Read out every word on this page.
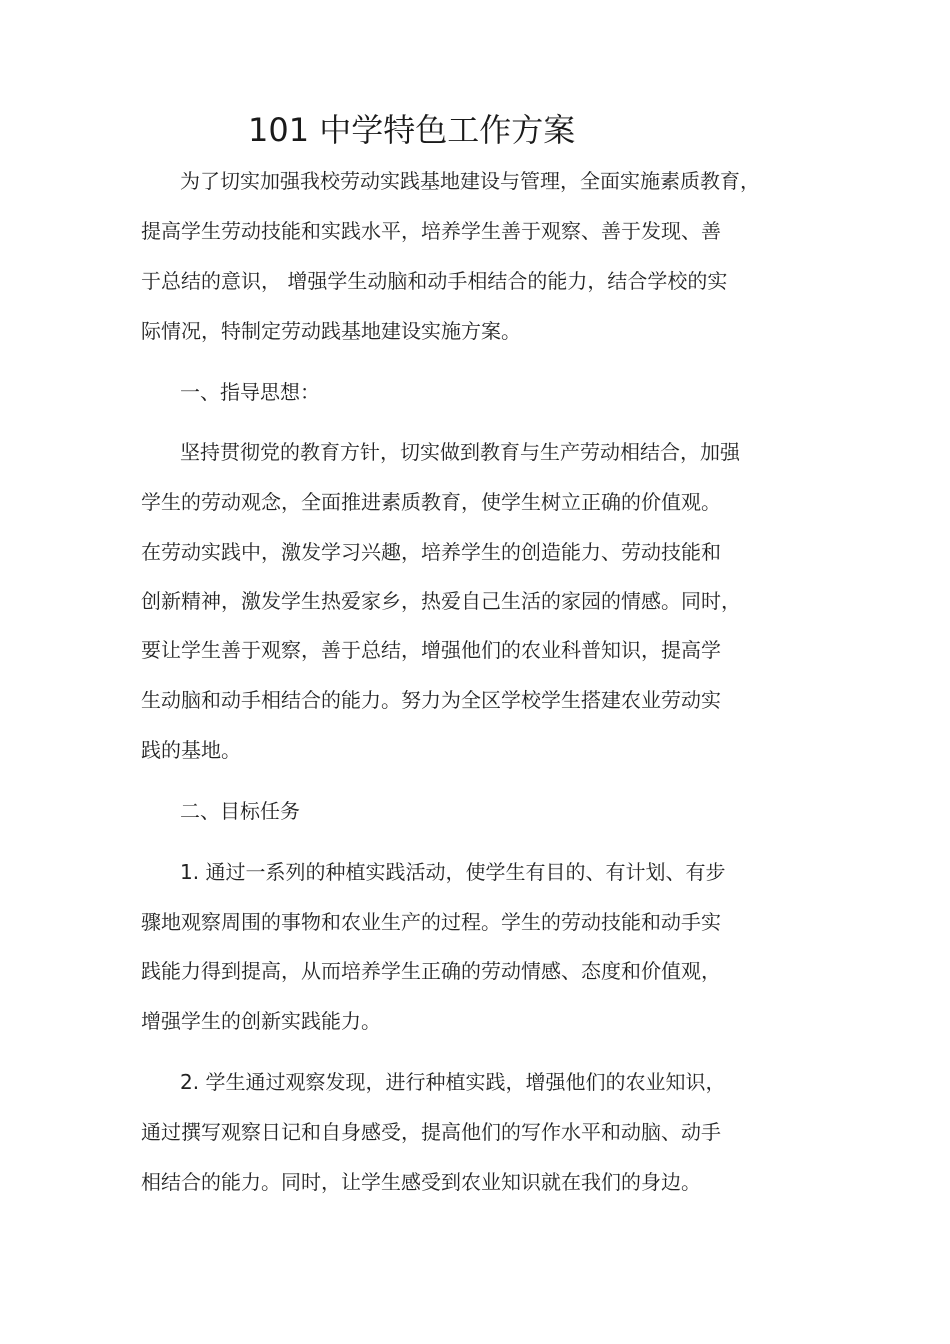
101 中学特色工作方案
为了切实加强我校劳动实践基地建设与管理，全面实施素质教育，
提高学生劳动技能和实践水平，培养学生善于观察、善于发现、善
于总结的意识， 增强学生动脑和动手相结合的能力，结合学校的实
际情况，特制定劳动践基地建设实施方案。
一、指导思想：
坚持贯彻党的教育方针，切实做到教育与生产劳动相结合，加强
学生的劳动观念，全面推进素质教育，使学生树立正确的价值观。
在劳动实践中，激发学习兴趣，培养学生的创造能力、劳动技能和
创新精神，激发学生热爱家乡，热爱自己生活的家园的情感。同时，
要让学生善于观察，善于总结，增强他们的农业科普知识，提高学
生动脑和动手相结合的能力。努力为全区学校学生搭建农业劳动实
践的基地。
二、目标任务
1. 通过一系列的种植实践活动，使学生有目的、有计划、有步
骤地观察周围的事物和农业生产的过程。学生的劳动技能和动手实
践能力得到提高，从而培养学生正确的劳动情感、态度和价值观，
增强学生的创新实践能力。
2. 学生通过观察发现，进行种植实践，增强他们的农业知识，
通过撰写观察日记和自身感受，提高他们的写作水平和动脑、动手
相结合的能力。同时，让学生感受到农业知识就在我们的身边。
